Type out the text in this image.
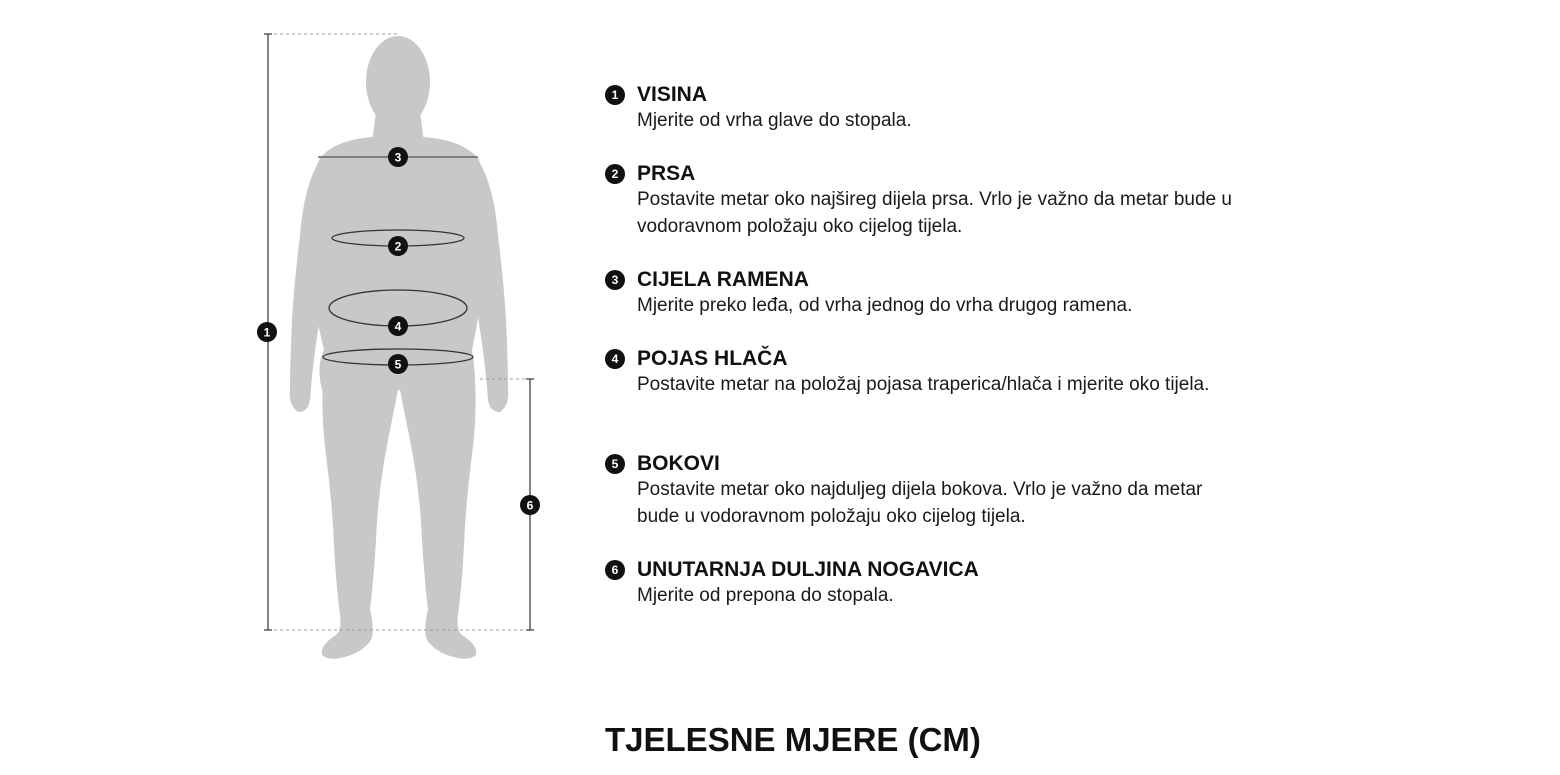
1
2
3
4
5
6
1 VISINA
Mjerite od vrha glave do stopala.
2 PRSA
Postavite metar oko najšireg dijela prsa. Vrlo je važno da metar bude u vodoravnom položaju oko cijelog tijela.
3 CIJELA RAMENA
Mjerite preko leđa, od vrha jednog do vrha drugog ramena.
4 POJAS HLAČA
Postavite metar na položaj pojasa traperica/hlača i mjerite oko tijela.
5 BOKOVI
Postavite metar oko najduljeg dijela bokova. Vrlo je važno da metar bude u vodoravnom položaju oko cijelog tijela.
6 UNUTARNJA DULJINA NOGAVICA
Mjerite od prepona do stopala.
TJELESNE MJERE (CM)
